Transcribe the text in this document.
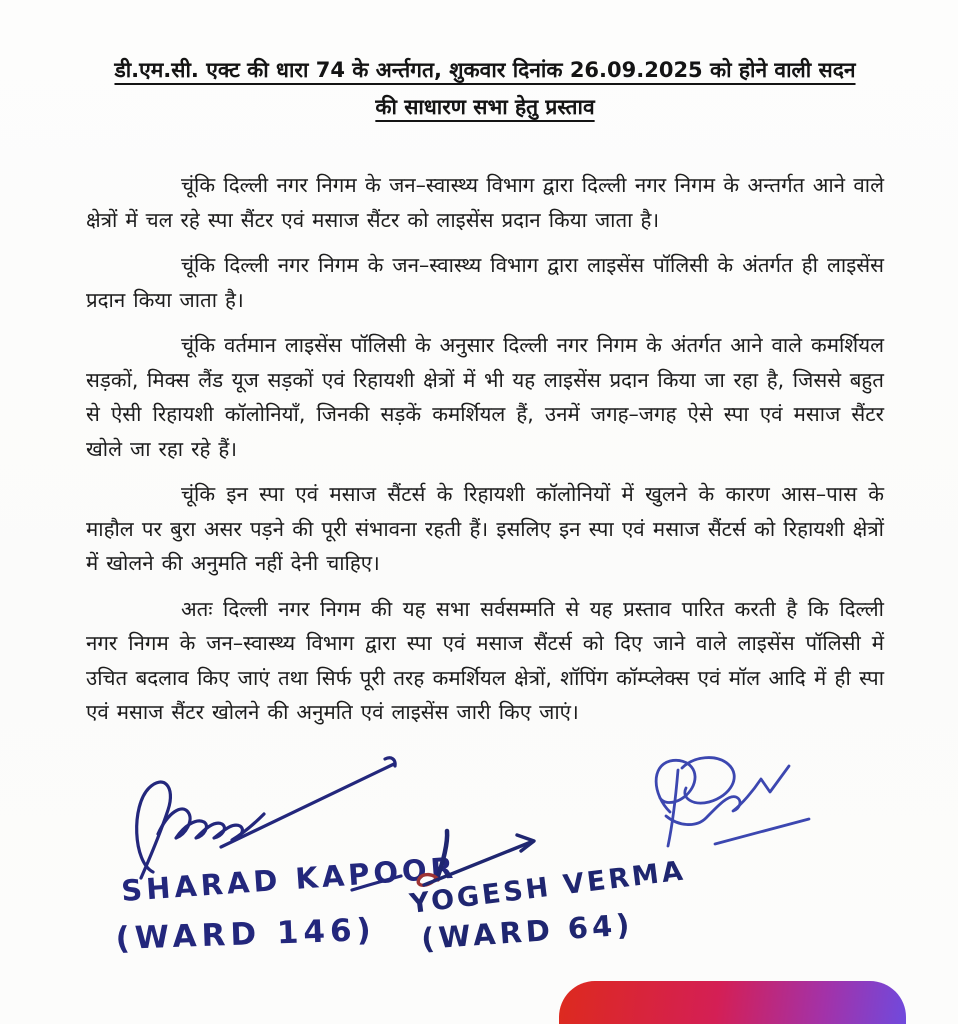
डी.एम.सी. एक्ट की धारा 74 के अर्न्तगत, शुकवार दिनांक 26.09.2025 को होने वाली सदन
की साधारण सभा हेतु प्रस्ताव

चूंकि दिल्ली नगर निगम के जन–स्वास्थ्य विभाग द्वारा दिल्ली नगर निगम के अन्तर्गत आने वाले क्षेत्रों में चल रहे स्पा सैंटर एवं मसाज सैंटर को लाइसेंस प्रदान किया जाता है।

चूंकि दिल्ली नगर निगम के जन–स्वास्थ्य विभाग द्वारा लाइसेंस पॉलिसी के अंतर्गत ही लाइसेंस प्रदान किया जाता है।

चूंकि वर्तमान लाइसेंस पॉलिसी के अनुसार दिल्ली नगर निगम के अंतर्गत आने वाले कमर्शियल सड़कों, मिक्स लैंड यूज सड़कों एवं रिहायशी क्षेत्रों में भी यह लाइसेंस प्रदान किया जा रहा है, जिससे बहुत से ऐसी रिहायशी कॉलोनियाँ, जिनकी सड़कें कमर्शियल हैं, उनमें जगह–जगह ऐसे स्पा एवं मसाज सैंटर खोले जा रहा रहे हैं।

चूंकि इन स्पा एवं मसाज सैंटर्स के रिहायशी कॉलोनियों में खुलने के कारण आस–पास के माहौल पर बुरा असर पड़ने की पूरी संभावना रहती हैं। इसलिए इन स्पा एवं मसाज सैंटर्स को रिहायशी क्षेत्रों में खोलने की अनुमति नहीं देनी चाहिए।

अतः दिल्ली नगर निगम की यह सभा सर्वसम्मति से यह प्रस्ताव पारित करती है कि दिल्ली नगर निगम के जन–स्वास्थ्य विभाग द्वारा स्पा एवं मसाज सैंटर्स को दिए जाने वाले लाइसेंस पॉलिसी में उचित बदलाव किए जाएं तथा सिर्फ पूरी तरह कमर्शियल क्षेत्रों, शॉपिंग कॉम्प्लेक्स एवं मॉल आदि में ही स्पा एवं मसाज सैंटर खोलने की अनुमति एवं लाइसेंस जारी किए जाएं।

SHARAD KAPOOR
(WARD 146)
YOGESH VERMA
(WARD 64)
